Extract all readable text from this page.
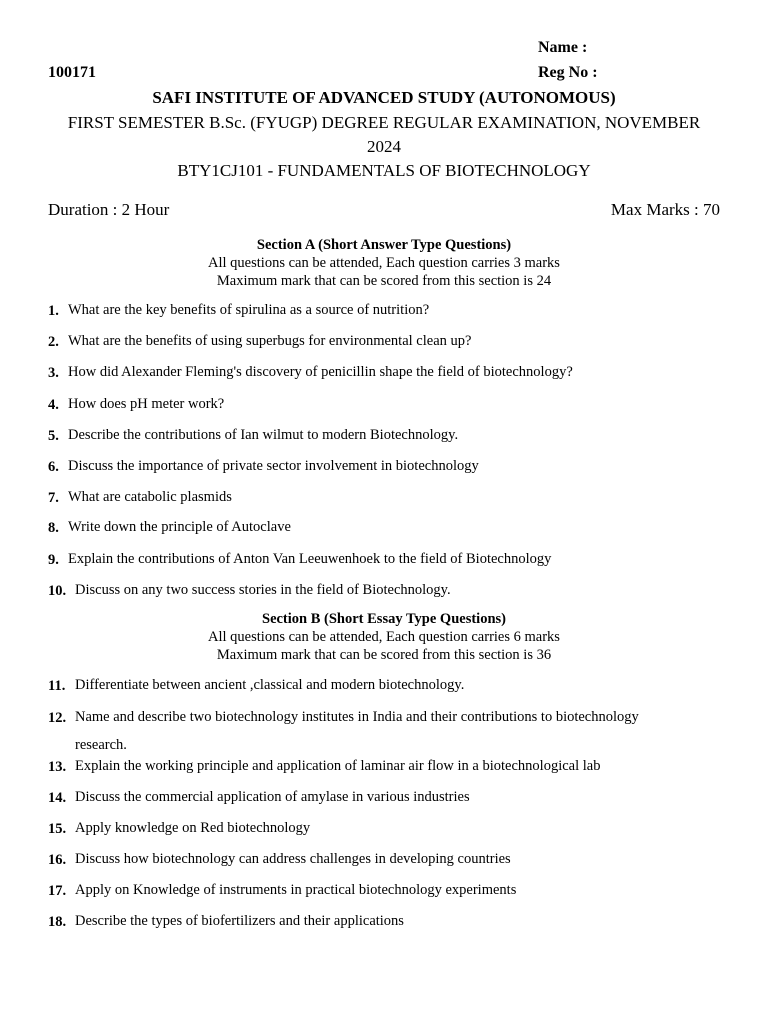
Name :
100171	Reg No :
SAFI INSTITUTE OF ADVANCED STUDY (AUTONOMOUS)
FIRST SEMESTER B.Sc. (FYUGP) DEGREE REGULAR EXAMINATION, NOVEMBER
2024
BTY1CJ101 - FUNDAMENTALS OF BIOTECHNOLOGY
Duration : 2 Hour	Max Marks : 70
Section A (Short Answer Type Questions)
All questions can be attended, Each question carries 3 marks
Maximum mark that can be scored from this section is 24
1. What are the key benefits of spirulina as a source of nutrition?
2. What are the benefits of using superbugs for environmental clean up?
3. How did Alexander Fleming's discovery of penicillin shape the field of biotechnology?
4. How does pH meter work?
5. Describe the contributions of Ian wilmut to modern Biotechnology.
6. Discuss the importance of private sector involvement in biotechnology
7. What are catabolic plasmids
8. Write down the principle of Autoclave
9. Explain the contributions of Anton Van Leeuwenhoek to the field of Biotechnology
10. Discuss on any two success stories in the field of Biotechnology.
Section B (Short Essay Type Questions)
All questions can be attended, Each question carries 6 marks
Maximum mark that can be scored from this section is 36
11. Differentiate between ancient ,classical and modern biotechnology.
12. Name and describe two biotechnology institutes in India and their contributions to biotechnology research.
13. Explain the working principle and application of laminar air flow in a biotechnological lab
14. Discuss the commercial application of amylase in various industries
15. Apply knowledge on Red biotechnology
16. Discuss how biotechnology can address challenges in developing countries
17. Apply on Knowledge of instruments in practical biotechnology experiments
18. Describe the types of biofertilizers and their applications
